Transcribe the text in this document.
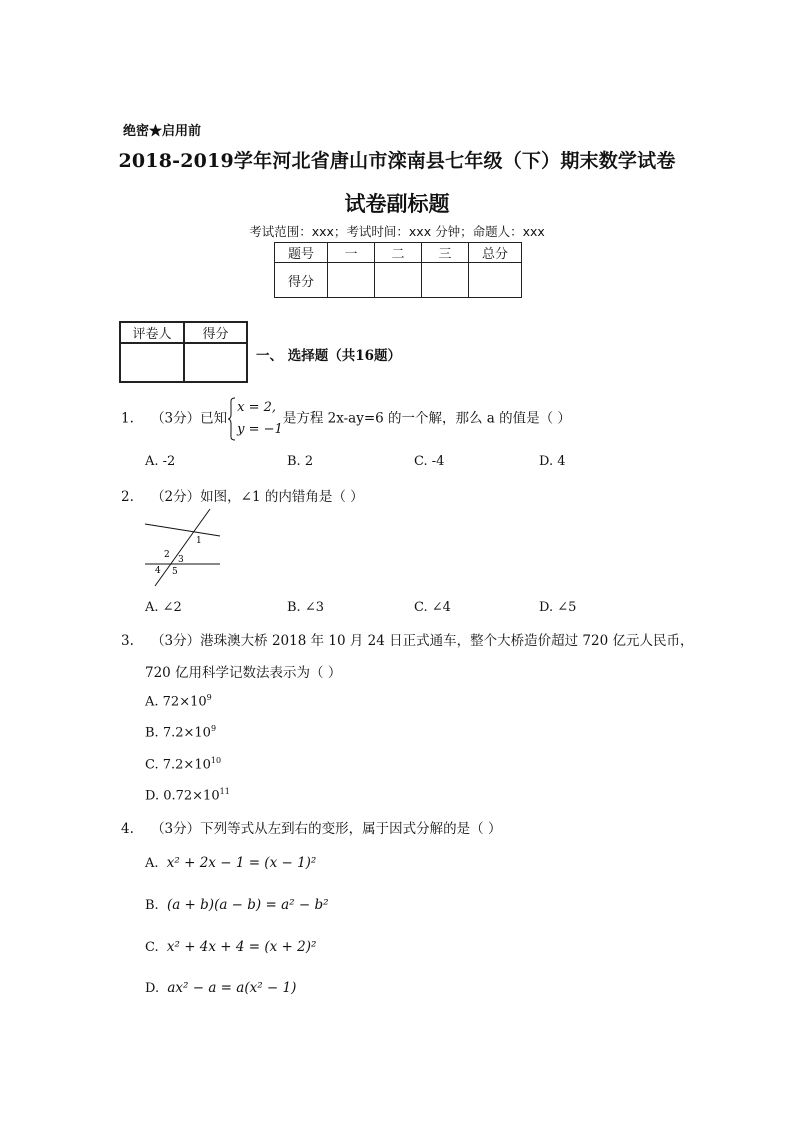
绝密★启用前
2018-2019学年河北省唐山市滦南县七年级（下）期末数学试卷
试卷副标题
考试范围：xxx；考试时间：xxx 分钟；命题人：xxx
题号	一	二	三	总分
得分				
评卷人	得分

一、 选择题（共16题）
1. （3分）已知
x = 2,
y = −1
是方程 2x-ay=6 的一个解，那么 a 的值是（ ）
A. -2	B. 2	C. -4	D. 4
2. （2分）如图，∠1 的内错角是（ ）
1
2 3
4 5
A. ∠2	B. ∠3	C. ∠4	D. ∠5
3. （3分）港珠澳大桥 2018 年 10 月 24 日正式通车，整个大桥造价超过 720 亿元人民币，
720 亿用科学记数法表示为（ ）
A. $72\times 10^9$
B. $7.2\times 10^9$
C. $7.2\times 10^{10}$
D. $0.72\times 10^{11}$
4. （3分）下列等式从左到右的变形，属于因式分解的是（ ）
A. x² + 2x − 1 = (x − 1)²
B. (a + b)(a − b) = a² − b²
C. x² + 4x + 4 = (x + 2)²
D. ax² − a = a(x² − 1)
